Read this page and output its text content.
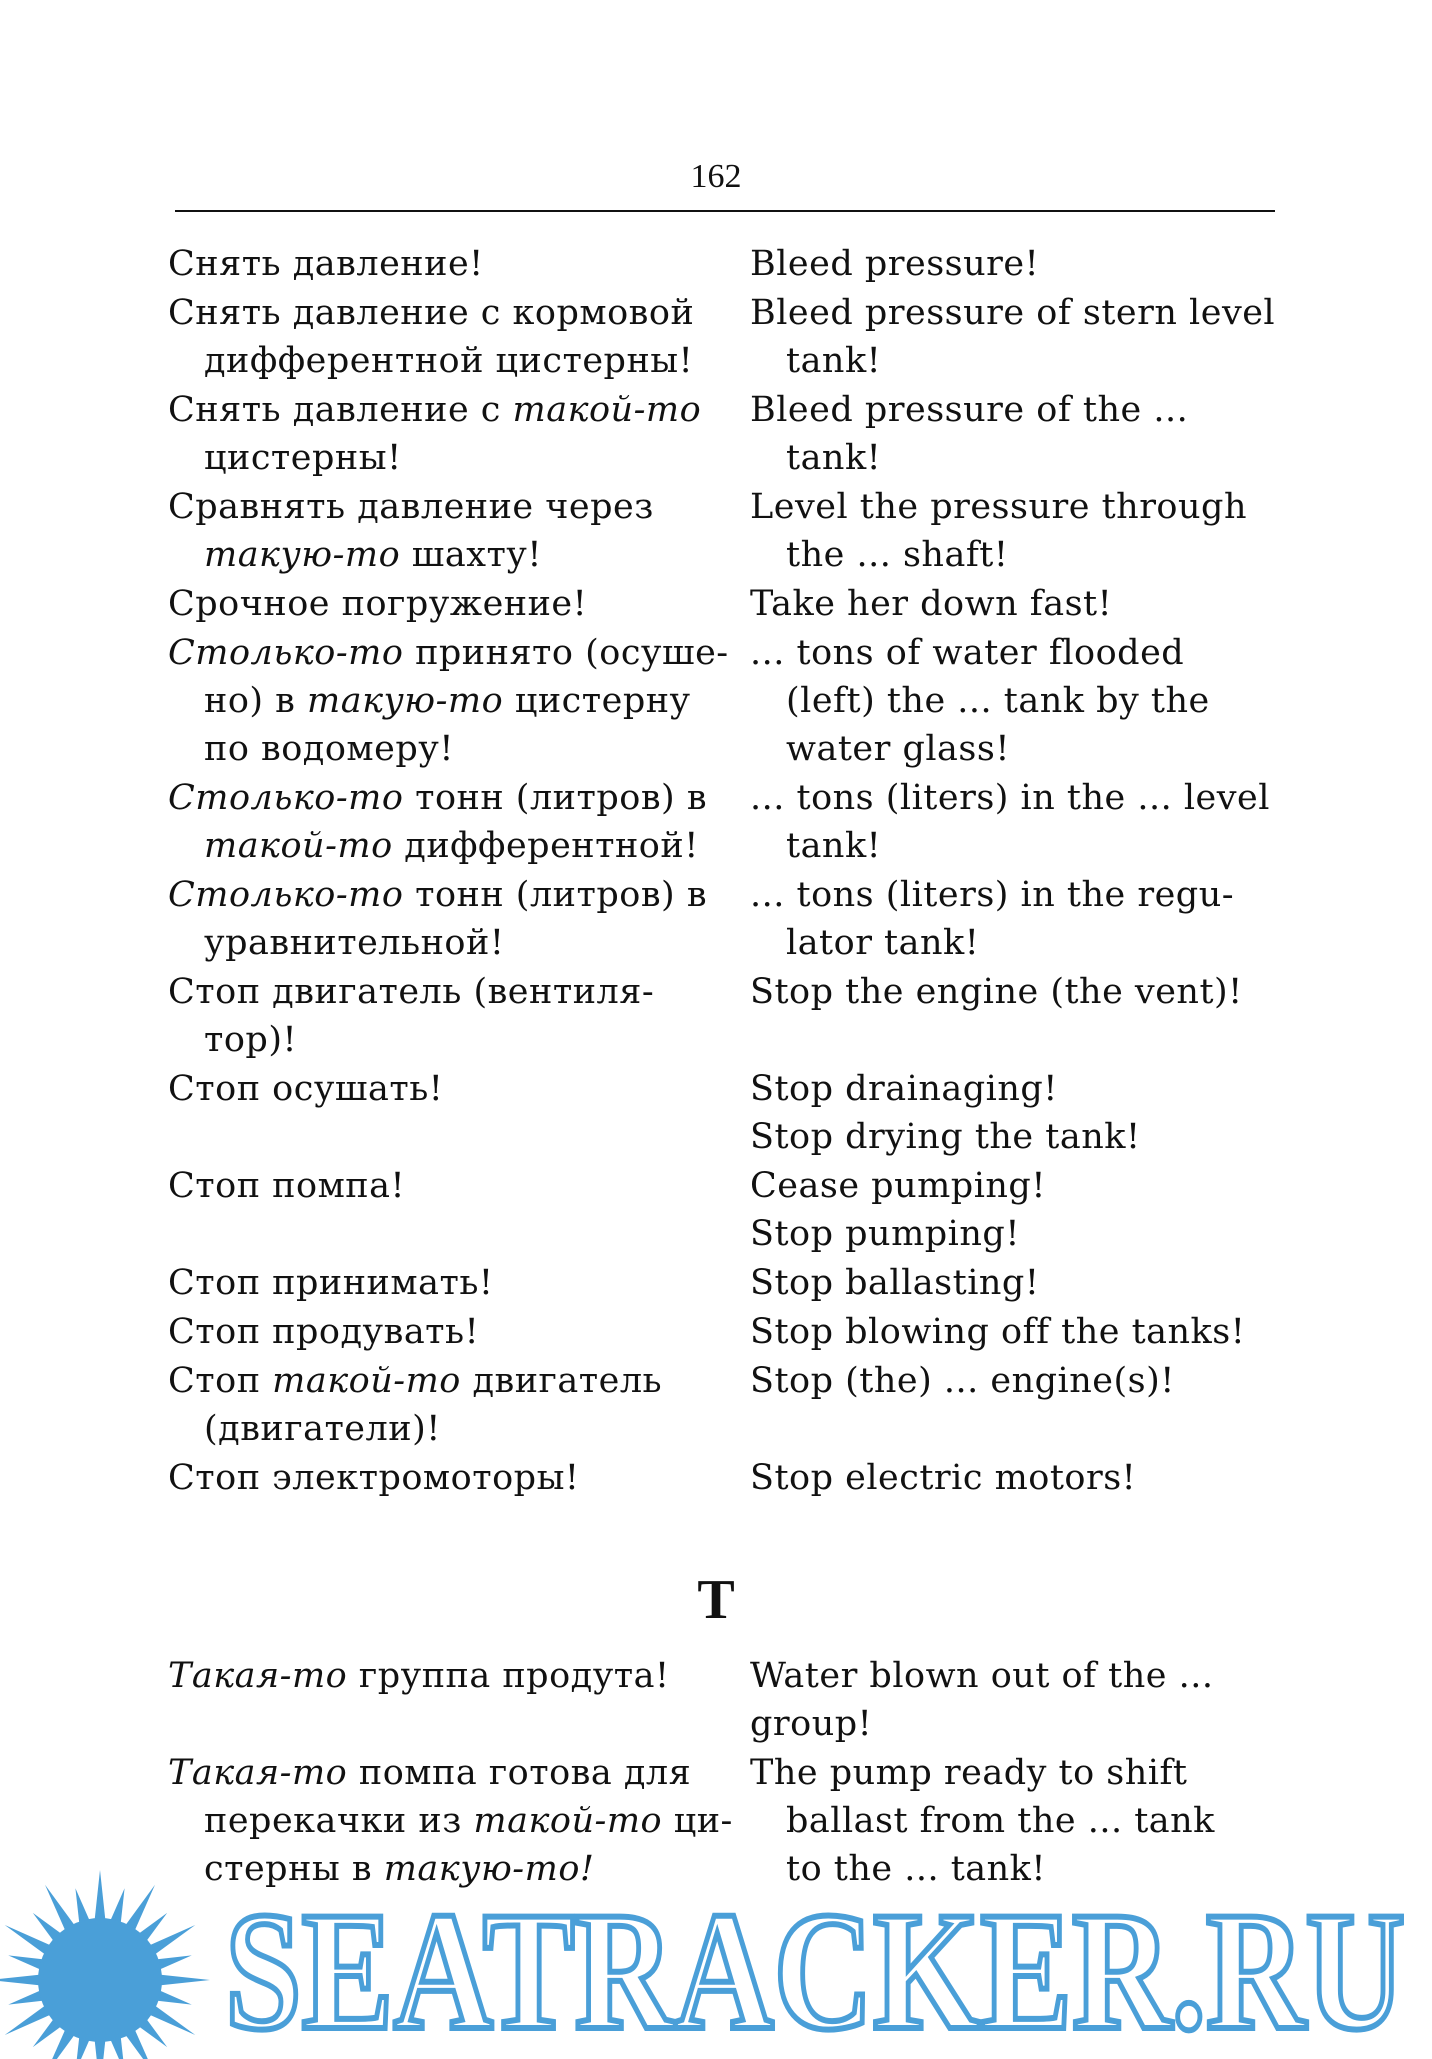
162
Снять давление!
Снять давление с кормовой
дифферентной цистерны!
Снять давление с такой-то
цистерны!
Сравнять давление через
такую-то шахту!
Срочное погружение!
Столько-то принято (осуше-
но) в такую-то цистерну
по водомеру!
Столько-то тонн (литров) в
такой-то дифферентной!
Столько-то тонн (литров) в
уравнительной!
Стоп двигатель (вентиля-
тор)!
Стоп осушать!
Стоп помпа!
Стоп принимать!
Стоп продувать!
Стоп такой-то двигатель
(двигатели)!
Стоп электромоторы!
Bleed pressure!
Bleed pressure of stern level
tank!
Bleed pressure of the ...
tank!
Level the pressure through
the ... shaft!
Take her down fast!
... tons of water flooded
(left) the ... tank by the
water glass!
... tons (liters) in the ... level
tank!
... tons (liters) in the regu-
lator tank!
Stop the engine (the vent)!
Stop drainaging!
Stop drying the tank!
Cease pumping!
Stop pumping!
Stop ballasting!
Stop blowing off the tanks!
Stop (the) ... engine(s)!
Stop electric motors!
Т
Такая-то группа продута!
Такая-то помпа готова для
перекачки из такой-то ци-
стерны в такую-то!
Water blown out of the ...
group!
The pump ready to shift
ballast from the ... tank
to the ... tank!
SEATRACKER.RU
